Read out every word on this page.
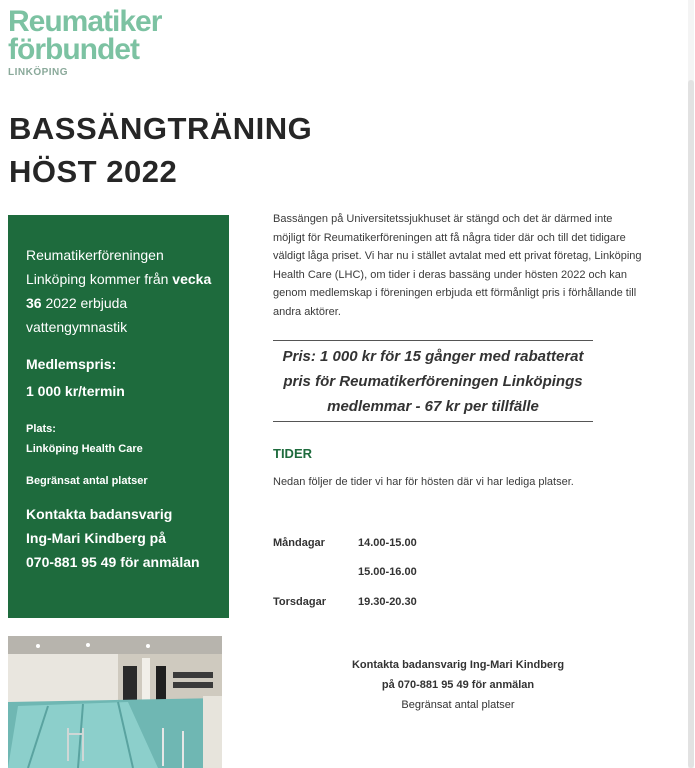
Reumatiker
förbundet
LINKÖPING
BASSÄNGTRÄNING
HÖST 2022

Reumatikerföreningen Linköping kommer från vecka 36 2022 erbjuda vattengymnastik

Medlemspris:

1 000 kr/termin

Plats:

Linköping Health Care

Begränsat antal platser

Kontakta badansvarig

Ing-Mari Kindberg på

070-881 95 49 för anmälan

Bassängen på Universitetssjukhuset är stängd och det är därmed inte möjligt för Reumatikerföreningen att få några tider där och till det tidigare väldigt låga priset. Vi har nu i stället avtalat med ett privat företag, Linköping Health Care (LHC), om tider i deras bassäng under hösten 2022 och kan genom medlemskap i föreningen erbjuda ett förmånligt pris i förhållande till andra aktörer.

Pris: 1 000 kr för 15 gånger med rabatterat pris för Reumatikerföreningen Linköpings medlemmar - 67 kr per tillfälle

TIDER

Nedan följer de tider vi har för hösten där vi har lediga platser.

Måndagar	14.00-15.00
15.00-16.00
Torsdagar	19.30-20.30
Kontakta badansvarig Ing-Mari Kindberg
på 070-881 95 49 för anmälan
Begränsat antal platser
